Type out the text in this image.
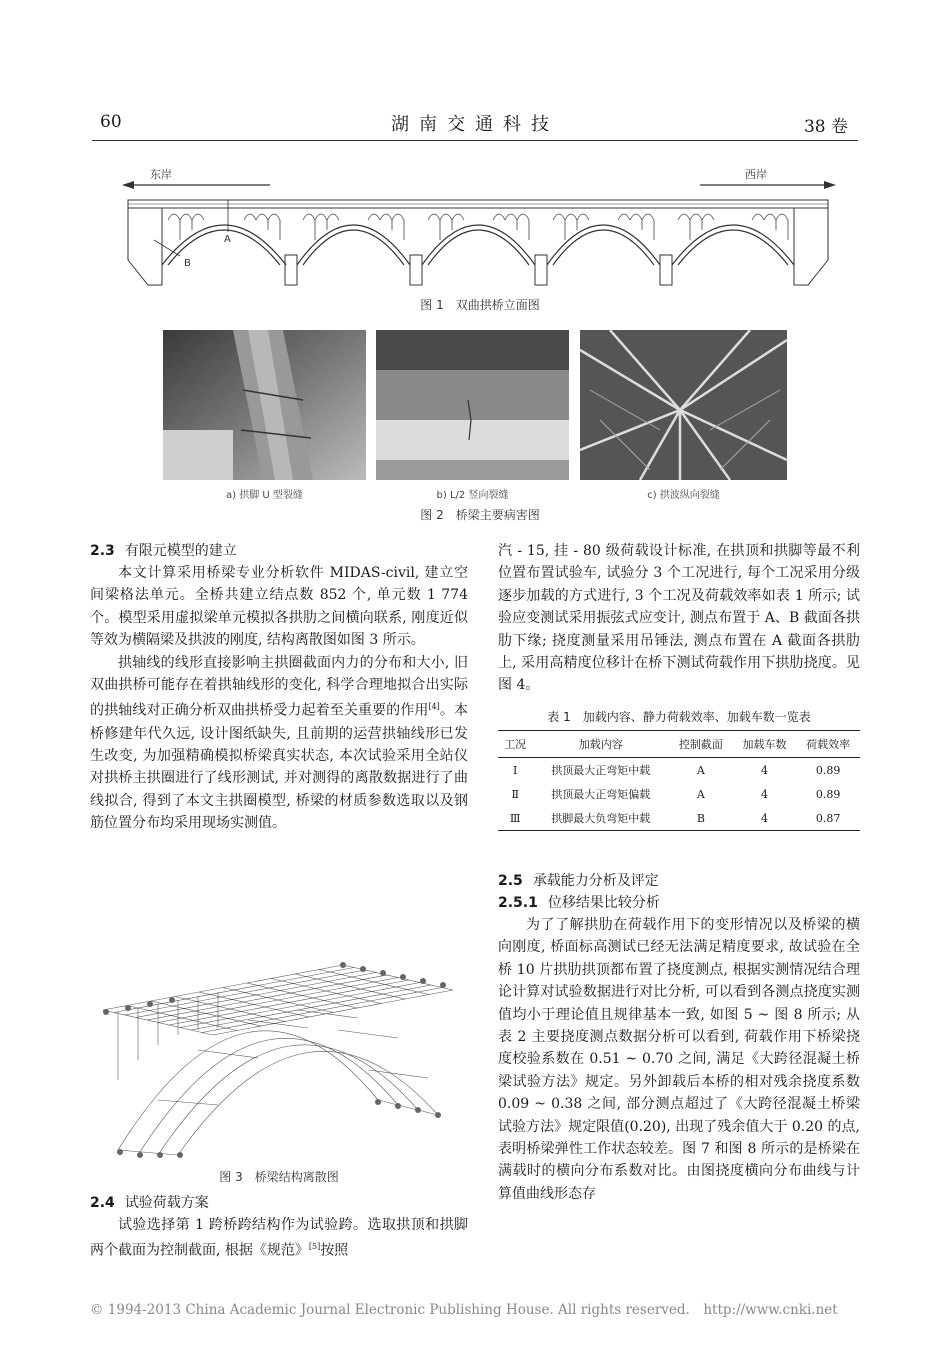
60	湖南交通科技	38 卷
东岸	西岸
A
B
图 1　双曲拱桥立面图
a) 拱脚 U 型裂缝	b) L/2 竖向裂缝	c) 拱波纵向裂缝
图 2　桥梁主要病害图
2.3 有限元模型的建立

本文计算采用桥梁专业分析软件 MIDAS-civil, 建立空间梁格法单元。全桥共建立结点数 852 个, 单元数 1 774 个。模型采用虚拟梁单元模拟各拱肋之间横向联系, 刚度近似等效为横隔梁及拱波的刚度, 结构离散图如图 3 所示。

拱轴线的线形直接影响主拱圈截面内力的分布和大小, 旧双曲拱桥可能存在着拱轴线形的变化, 科学合理地拟合出实际的拱轴线对正确分析双曲拱桥受力起着至关重要的作用[4]。本桥修建年代久远, 设计图纸缺失, 且前期的运营拱轴线形已发生改变, 为加强精确模拟桥梁真实状态, 本次试验采用全站仪对拱桥主拱圈进行了线形测试, 并对测得的离散数据进行了曲线拟合, 得到了本文主拱圈模型, 桥梁的材质参数选取以及钢筋位置分布均采用现场实测值。

图 3　桥梁结构离散图
2.4 试验荷载方案

试验选择第 1 跨桥跨结构作为试验跨。选取拱顶和拱脚两个截面为控制截面, 根据《规范》[5]按照

汽 - 15, 挂 - 80 级荷载设计标准, 在拱顶和拱脚等最不利位置布置试验车, 试验分 3 个工况进行, 每个工况采用分级逐步加载的方式进行, 3 个工况及荷载效率如表 1 所示; 试验应变测试采用振弦式应变计, 测点布置于 A、B 截面各拱肋下缘; 挠度测量采用吊锤法, 测点布置在 A 截面各拱肋上, 采用高精度位移计在桥下测试荷载作用下拱肋挠度。见图 4。

表 1　加载内容、静力荷载效率、加载车数一览表
工况	加载内容	控制截面	加载车数	荷载效率
Ⅰ	拱顶最大正弯矩中载	A	4	0.89
Ⅱ	拱顶最大正弯矩偏载	A	4	0.89
Ⅲ	拱脚最大负弯矩中载	B	4	0.87
2.5 承载能力分析及评定
2.5.1 位移结果比较分析

为了了解拱肋在荷载作用下的变形情况以及桥梁的横向刚度, 桥面标高测试已经无法满足精度要求, 故试验在全桥 10 片拱肋拱顶都布置了挠度测点, 根据实测情况结合理论计算对试验数据进行对比分析, 可以看到各测点挠度实测值均小于理论值且规律基本一致, 如图 5 ~ 图 8 所示; 从表 2 主要挠度测点数据分析可以看到, 荷载作用下桥梁挠度校验系数在 0.51 ~ 0.70 之间, 满足《大跨径混凝土桥梁试验方法》规定。另外卸载后本桥的相对残余挠度系数 0.09 ~ 0.38 之间, 部分测点超过了《大跨径混凝土桥梁试验方法》规定限值(0.20), 出现了残余值大于 0.20 的点, 表明桥梁弹性工作状态较差。图 7 和图 8 所示的是桥梁在满载时的横向分布系数对比。由图挠度横向分布曲线与计算值曲线形态存

© 1994-2013 China Academic Journal Electronic Publishing House. All rights reserved.　http://www.cnki.net
